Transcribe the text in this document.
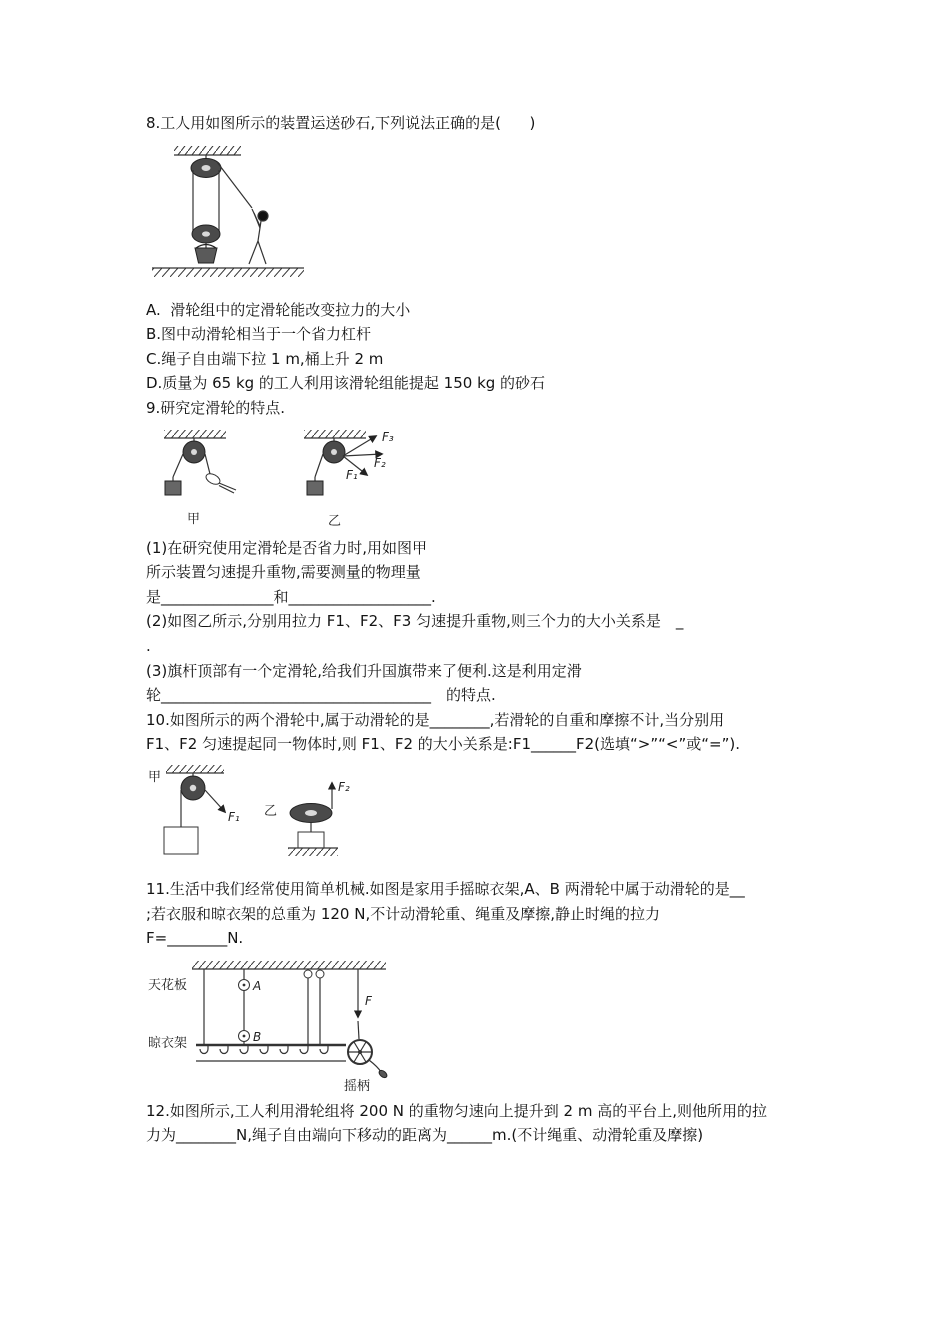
8.工人用如图所示的装置运送砂石,下列说法正确的是(      )
A.  滑轮组中的定滑轮能改变拉力的大小
B.图中动滑轮相当于一个省力杠杆
C.绳子自由端下拉 1 m,桶上升 2 m
D.质量为 65 kg 的工人利用该滑轮组能提起 150 kg 的砂石
9.研究定滑轮的特点.
甲
F₃
F₂
F₁
乙
(1)在研究使用定滑轮是否省力时,用如图甲
所示装置匀速提升重物,需要测量的物理量
是_______________和___________________.
(2)如图乙所示,分别用拉力 F1、F2、F3 匀速提升重物,则三个力的大小关系是　_
.
(3)旗杆顶部有一个定滑轮,给我们升国旗带来了便利.这是利用定滑
轮____________________________________　的特点.
10.如图所示的两个滑轮中,属于动滑轮的是________,若滑轮的自重和摩擦不计,当分别用
F1、F2 匀速提起同一物体时,则 F1、F2 的大小关系是:F1______F2(选填“>”“<”或“=”).
甲
F₁ 乙
F₂
11.生活中我们经常使用简单机械.如图是家用手摇晾衣架,A、B 两滑轮中属于动滑轮的是__
;若衣服和晾衣架的总重为 120 N,不计动滑轮重、绳重及摩擦,静止时绳的拉力
F=________N.
天花板
晾衣架
A
B
F
摇柄
12.如图所示,工人利用滑轮组将 200 N 的重物匀速向上提升到 2 m 高的平台上,则他所用的拉
力为________N,绳子自由端向下移动的距离为______m.(不计绳重、动滑轮重及摩擦)
